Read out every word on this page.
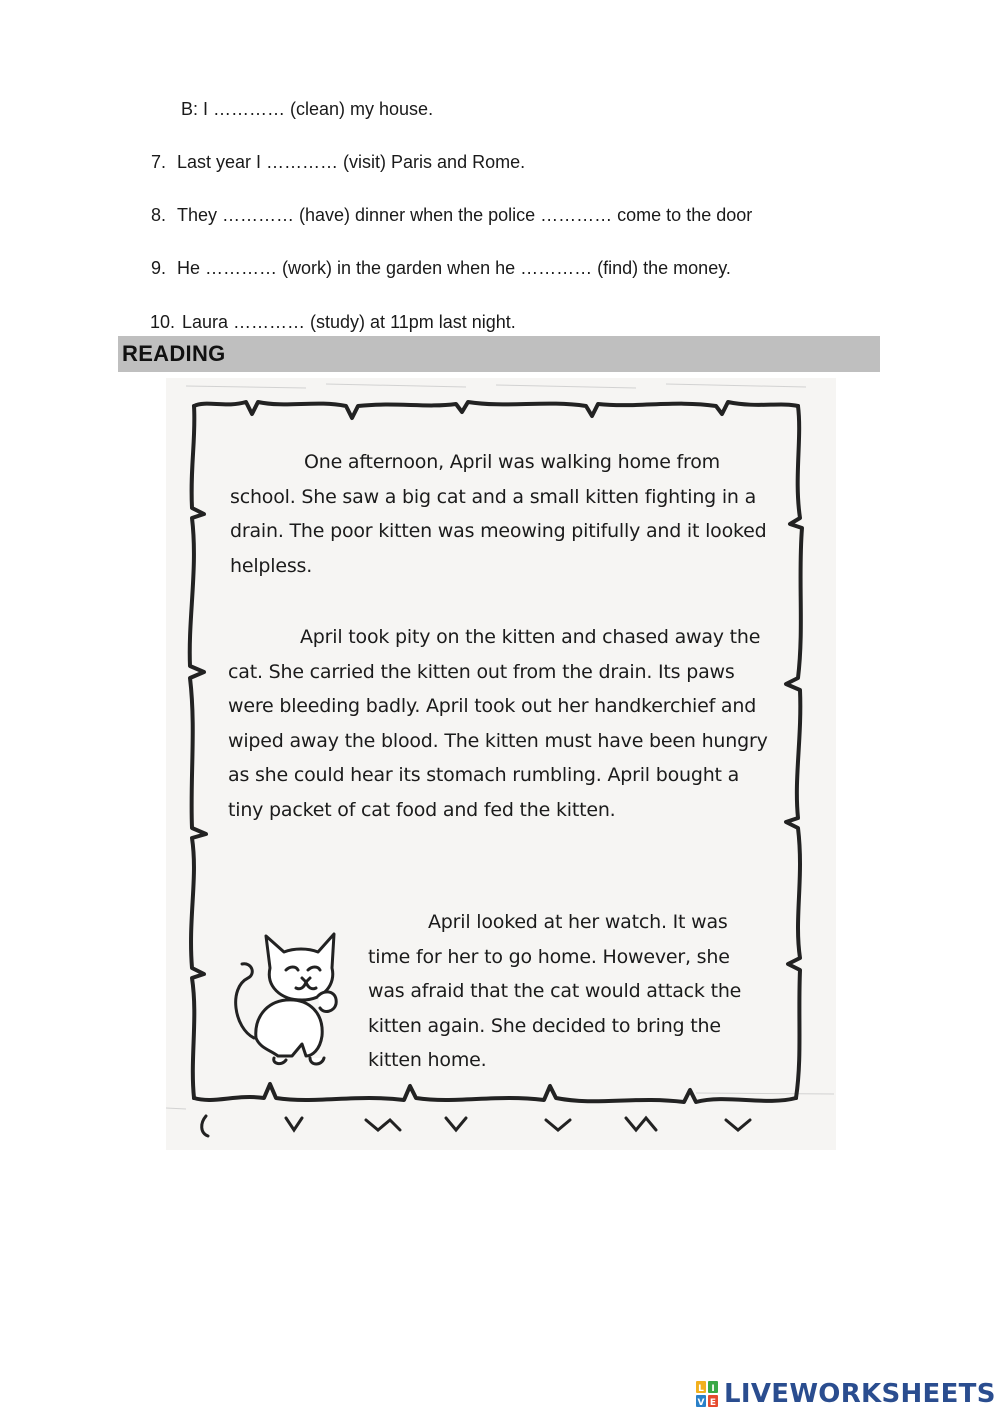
B: I ………… (clean) my house.
7. Last year I ………… (visit) Paris and Rome.
8. They ………… (have) dinner when the police ………… come to the door
9. He ………… (work) in the garden when he ………… (find) the money.
10. Laura ………… (study) at 11pm last night.
READING
One afternoon, April was walking home from school. She saw a big cat and a small kitten fighting in a drain. The poor kitten was meowing pitifully and it looked helpless.
April took pity on the kitten and chased away the cat. She carried the kitten out from the drain. Its paws were bleeding badly. April took out her handkerchief and wiped away the blood. The kitten must have been hungry as she could hear its stomach rumbling. April bought a tiny packet of cat food and fed the kitten.
April looked at her watch. It was time for her to go home. However, she was afraid that the cat would attack the kitten again. She decided to bring the kitten home.
L I
V E LIVEWORKSHEETS
